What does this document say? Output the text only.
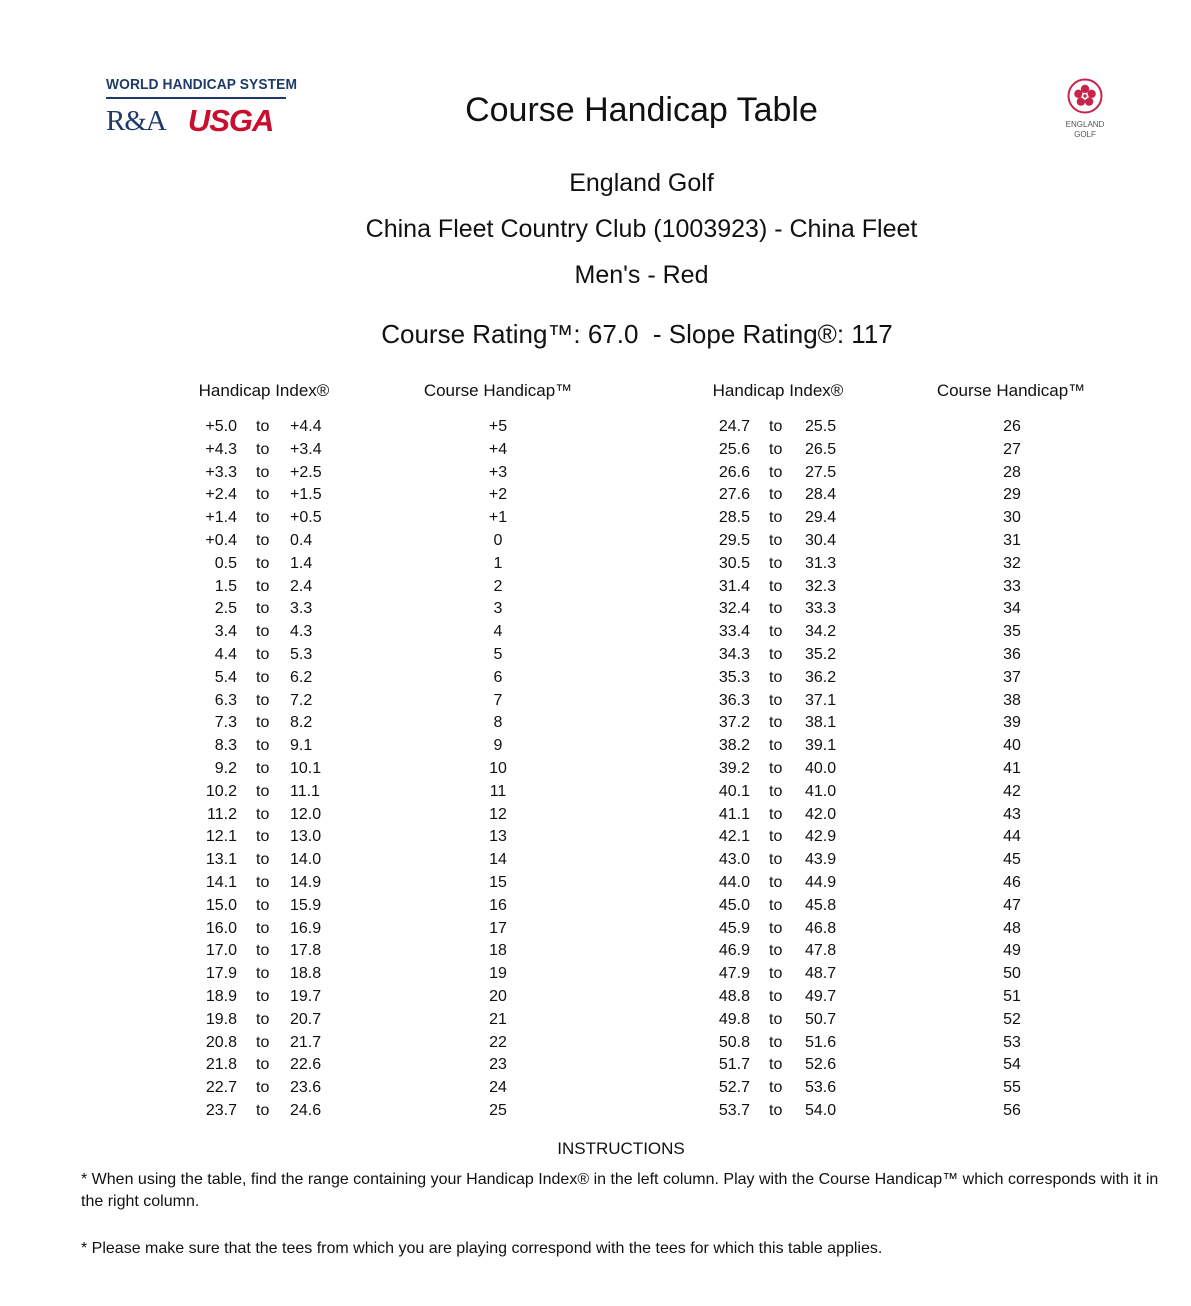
WORLD HANDICAP SYSTEM
R&A USGA	ENGLAND
GOLF
Course Handicap Table
England Golf
China Fleet Country Club (1003923) - China Fleet
Men's - Red
Course Rating™: 67.0  - Slope Rating®: 117
Handicap Index®	Course Handicap™	Handicap Index®	Course Handicap™
+5.0 to +4.4	+5	24.7 to 25.5	26
+4.3 to +3.4	+4	25.6 to 26.5	27
+3.3 to +2.5	+3	26.6 to 27.5	28
+2.4 to +1.5	+2	27.6 to 28.4	29
+1.4 to +0.5	+1	28.5 to 29.4	30
+0.4 to 0.4	0	29.5 to 30.4	31
0.5 to 1.4	1	30.5 to 31.3	32
1.5 to 2.4	2	31.4 to 32.3	33
2.5 to 3.3	3	32.4 to 33.3	34
3.4 to 4.3	4	33.4 to 34.2	35
4.4 to 5.3	5	34.3 to 35.2	36
5.4 to 6.2	6	35.3 to 36.2	37
6.3 to 7.2	7	36.3 to 37.1	38
7.3 to 8.2	8	37.2 to 38.1	39
8.3 to 9.1	9	38.2 to 39.1	40
9.2 to 10.1	10	39.2 to 40.0	41
10.2 to 11.1	11	40.1 to 41.0	42
11.2 to 12.0	12	41.1 to 42.0	43
12.1 to 13.0	13	42.1 to 42.9	44
13.1 to 14.0	14	43.0 to 43.9	45
14.1 to 14.9	15	44.0 to 44.9	46
15.0 to 15.9	16	45.0 to 45.8	47
16.0 to 16.9	17	45.9 to 46.8	48
17.0 to 17.8	18	46.9 to 47.8	49
17.9 to 18.8	19	47.9 to 48.7	50
18.9 to 19.7	20	48.8 to 49.7	51
19.8 to 20.7	21	49.8 to 50.7	52
20.8 to 21.7	22	50.8 to 51.6	53
21.8 to 22.6	23	51.7 to 52.6	54
22.7 to 23.6	24	52.7 to 53.6	55
23.7 to 24.6	25	53.7 to 54.0	56
INSTRUCTIONS
* When using the table, find the range containing your Handicap Index® in the left column. Play with the Course Handicap™ which corresponds with it in the right column.
* Please make sure that the tees from which you are playing correspond with the tees for which this table applies.
